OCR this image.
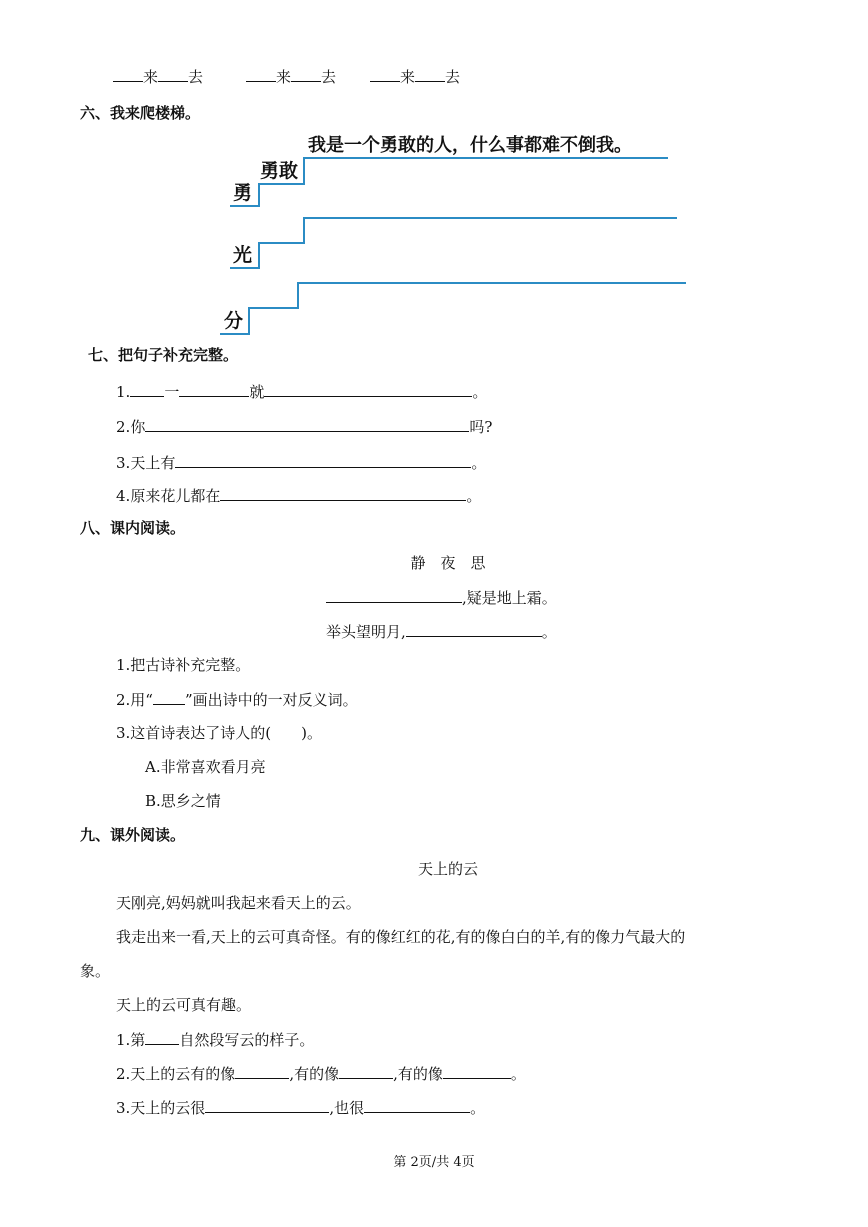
来 去	来 去	来 去
六、我来爬楼梯。
勇
勇敢
我是一个勇敢的人，什么事都难不倒我。
光
分
七、把句子补充完整。
1. 一	就	。
2.你	吗?
3.天上有	。
4.原来花儿都在	。
八、课内阅读。
静　夜　思
,疑是地上霜。
举头望明月,	。
1.把古诗补充完整。
2.用“ ”画出诗中的一对反义词。
3.这首诗表达了诗人的(　　)。
A.非常喜欢看月亮
B.思乡之情
九、课外阅读。
天上的云
天刚亮,妈妈就叫我起来看天上的云。
我走出来一看,天上的云可真奇怪。有的像红红的花,有的像白白的羊,有的像力气最大的
象。
天上的云可真有趣。
1.第 自然段写云的样子。
2.天上的云有的像	,有的像	,有的像	。
3.天上的云很	,也很	。
第 2页/共 4页
